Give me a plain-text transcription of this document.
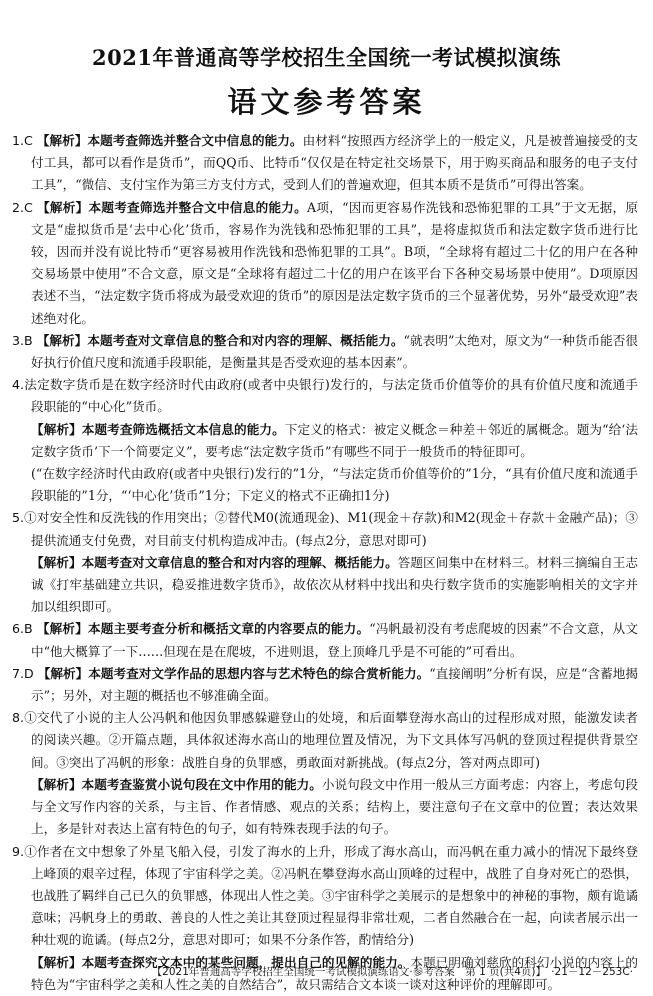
2021年普通高等学校招生全国统一考试模拟演练
语文参考答案

1.C 【解析】本题考查筛选并整合文中信息的能力。由材料“按照西方经济学上的一般定义，凡是被普遍接受的支付工具，都可以看作是货币”，而QQ币、比特币“仅仅是在特定社交场景下，用于购买商品和服务的电子支付工具”，“微信、支付宝作为第三方支付方式，受到人们的普遍欢迎，但其本质不是货币”可得出答案。

2.C 【解析】本题考查筛选并整合文中信息的能力。A项，“因而更容易作洗钱和恐怖犯罪的工具”于文无据，原文是“虚拟货币是‘去中心化’货币，容易作为洗钱和恐怖犯罪的工具”，是将虚拟货币和法定数字货币进行比较，因而并没有说比特币“更容易被用作洗钱和恐怖犯罪的工具”。B项，“全球将有超过二十亿的用户在各种交易场景中使用”不合文意，原文是“全球将有超过二十亿的用户在该平台下各种交易场景中使用”。D项原因表述不当，“法定数字货币将成为最受欢迎的货币”的原因是法定数字货币的三个显著优势，另外“最受欢迎”表述绝对化。

3.B 【解析】本题考查对文章信息的整合和对内容的理解、概括能力。“就表明”太绝对，原文为“一种货币能否很好执行价值尺度和流通手段职能，是衡量其是否受欢迎的基本因素”。

4.法定数字货币是在数字经济时代由政府(或者中央银行)发行的，与法定货币价值等价的具有价值尺度和流通手段职能的“中心化”货币。

【解析】本题考查筛选概括文本信息的能力。下定义的格式：被定义概念＝种差＋邻近的属概念。题为“给‘法定数字货币’下一个简要定义”，要考虑“法定数字货币”有哪些不同于一般货币的特征即可。

(“在数字经济时代由政府(或者中央银行)发行的”1分，“与法定货币价值等价的”1分，“具有价值尺度和流通手段职能的”1分，“‘中心化’货币”1分；下定义的格式不正确扣1分)

5.①对安全性和反洗钱的作用突出；②替代M0(流通现金)、M1(现金＋存款)和M2(现金＋存款＋金融产品)；③提供流通支付免费，对目前支付机构造成冲击。(每点2分，意思对即可)

【解析】本题考查对文章信息的整合和对内容的理解、概括能力。答题区间集中在材料三。材料三摘编自王志诚《打牢基础建立共识，稳妥推进数字货币》，故依次从材料中找出和央行数字货币的实施影响相关的文字并加以组织即可。

6.B 【解析】本题主要考查分析和概括文章的内容要点的能力。“冯帆最初没有考虑爬坡的因素”不合文意，从文中“他大概算了一下……但现在是在爬坡，不进则退，登上顶峰几乎是不可能的”可看出。

7.D 【解析】本题考查对文学作品的思想内容与艺术特色的综合赏析能力。“直接阐明”分析有误，应是“含蓄地揭示”；另外，对主题的概括也不够准确全面。

8.①交代了小说的主人公冯帆和他因负罪感躲避登山的处境，和后面攀登海水高山的过程形成对照，能激发读者的阅读兴趣。②开篇点题，具体叙述海水高山的地理位置及情况，为下文具体写冯帆的登顶过程提供背景空间。③突出了冯帆的形象：战胜自身的负罪感，勇敢面对新挑战。(每点2分，答对两点即可)

【解析】本题考查鉴赏小说句段在文中作用的能力。小说句段文中作用一般从三方面考虑：内容上，考虑句段与全文写作内容的关系，与主旨、作者情感、观点的关系；结构上，要注意句子在文章中的位置；表达效果上，多是针对表达上富有特色的句子，如有特殊表现手法的句子。

9.①作者在文中想象了外星飞船入侵，引发了海水的上升，形成了海水高山，而冯帆在重力减小的情况下最终登上峰顶的艰辛过程，体现了宇宙科学之美。②冯帆在攀登海水高山顶峰的过程中，战胜了自身对死亡的恐惧，也战胜了羁绊自己已久的负罪感，体现出人性之美。③宇宙科学之美展示的是想象中的神秘的事物，颇有诡谲意味；冯帆身上的勇敢、善良的人性之美让其登顶过程显得非常壮观，二者自然融合在一起，向读者展示出一种壮观的诡谲。(每点2分，意思对即可；如果不分条作答，酌情给分)

【解析】本题考查探究文本中的某些问题，提出自己的见解的能力。本题已明确刘慈欣的科幻小说的内容上的特色为“宇宙科学之美和人性之美的自然结合”，故只需结合文本谈一谈对这种评价的理解即可。

【2021年普通高等学校招生全国统一考试模拟演练语文·参考答案　第 1 页(共4页)】　·21－12－253C·
